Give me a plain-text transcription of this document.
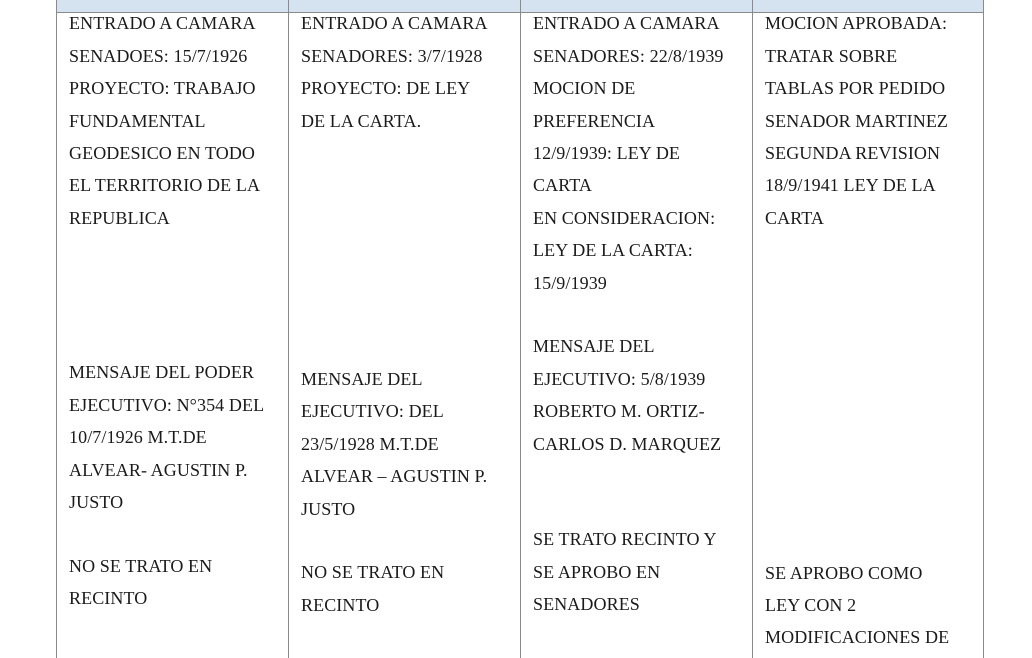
ENTRADO A CAMARA
SENADOES: 15/7/1926
PROYECTO: TRABAJO
FUNDAMENTAL
GEODESICO EN TODO
EL TERRITORIO DE LA
REPUBLICA
MENSAJE DEL PODER
EJECUTIVO: N°354 DEL
10/7/1926 M.T.DE
ALVEAR- AGUSTIN P.
JUSTO
NO SE TRATO EN
RECINTO
ENTRADO A CAMARA
SENADORES: 3/7/1928
PROYECTO: DE LEY
DE LA CARTA.
MENSAJE DEL
EJECUTIVO: DEL
23/5/1928 M.T.DE
ALVEAR – AGUSTIN P.
JUSTO
NO SE TRATO EN
RECINTO
ENTRADO A CAMARA
SENADORES: 22/8/1939
MOCION DE
PREFERENCIA
12/9/1939: LEY DE
CARTA
EN CONSIDERACION:
LEY DE LA CARTA:
15/9/1939
MENSAJE DEL
EJECUTIVO: 5/8/1939
ROBERTO M. ORTIZ-
CARLOS D. MARQUEZ
SE TRATO RECINTO Y
SE APROBO EN
SENADORES
MOCION APROBADA:
TRATAR SOBRE
TABLAS POR PEDIDO
SENADOR MARTINEZ
SEGUNDA REVISION
18/9/1941 LEY DE LA
CARTA
SE APROBO COMO
LEY CON 2
MODIFICACIONES DE
